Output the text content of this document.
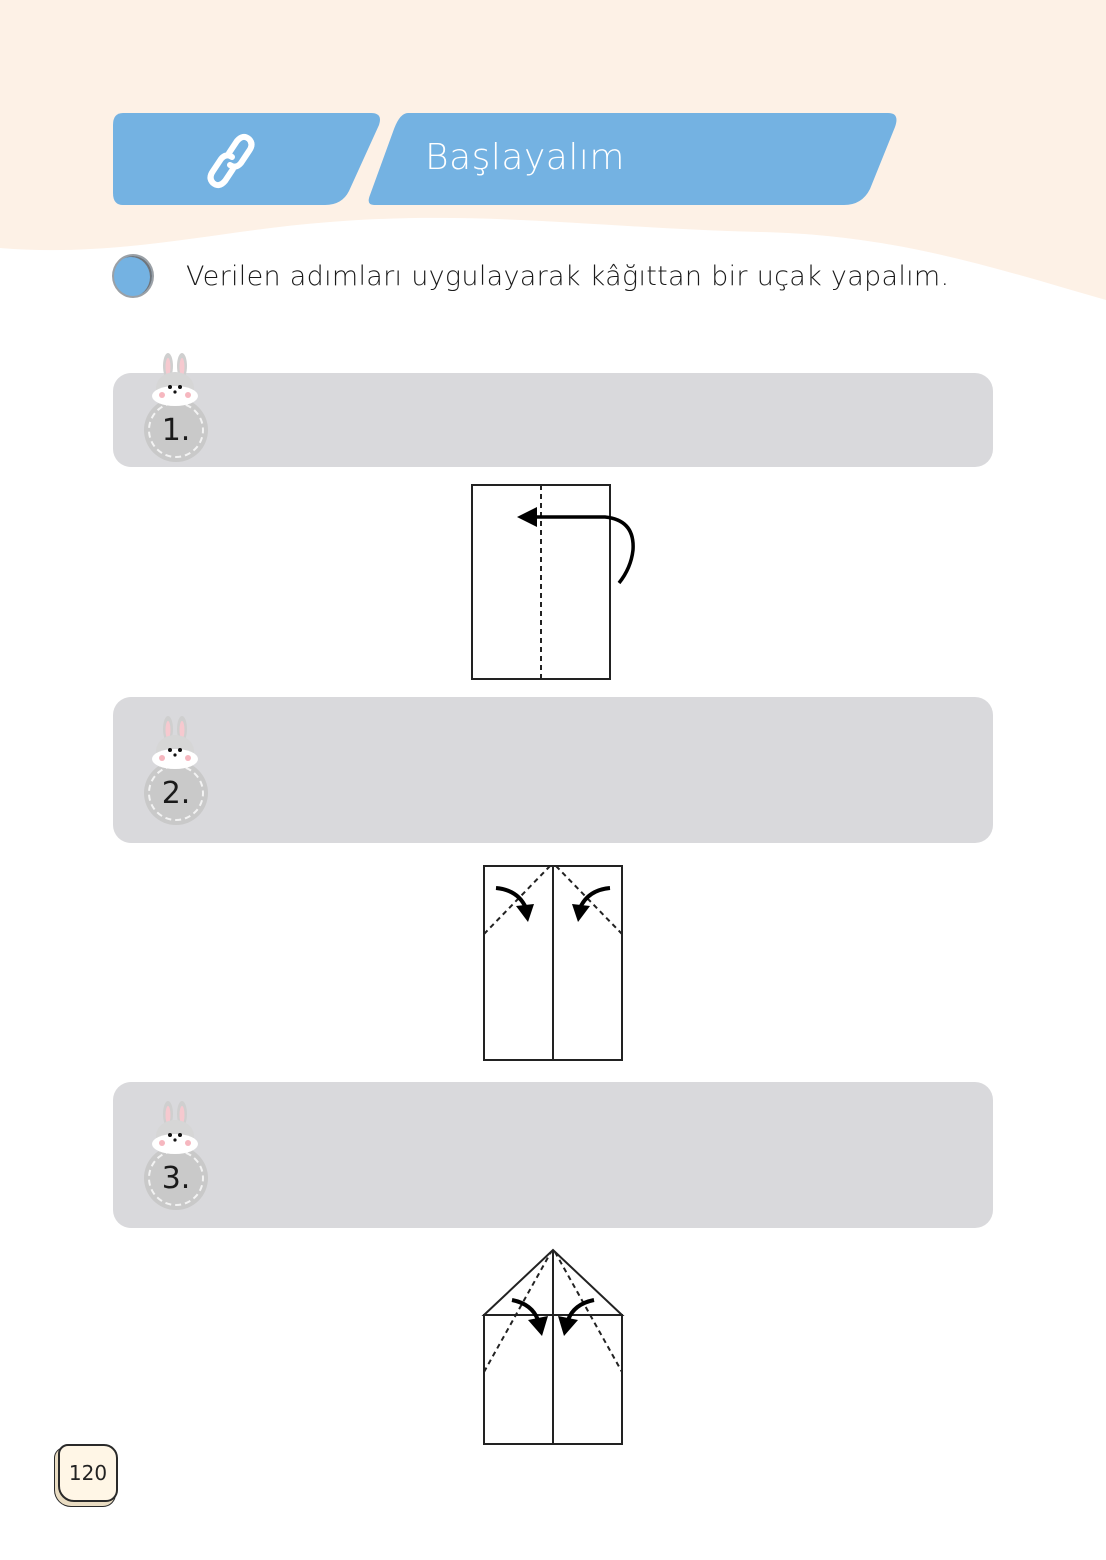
Başlayalım
Verilen adımları uygulayarak kâğıttan bir uçak yapalım.
1.
2.
3.
120
